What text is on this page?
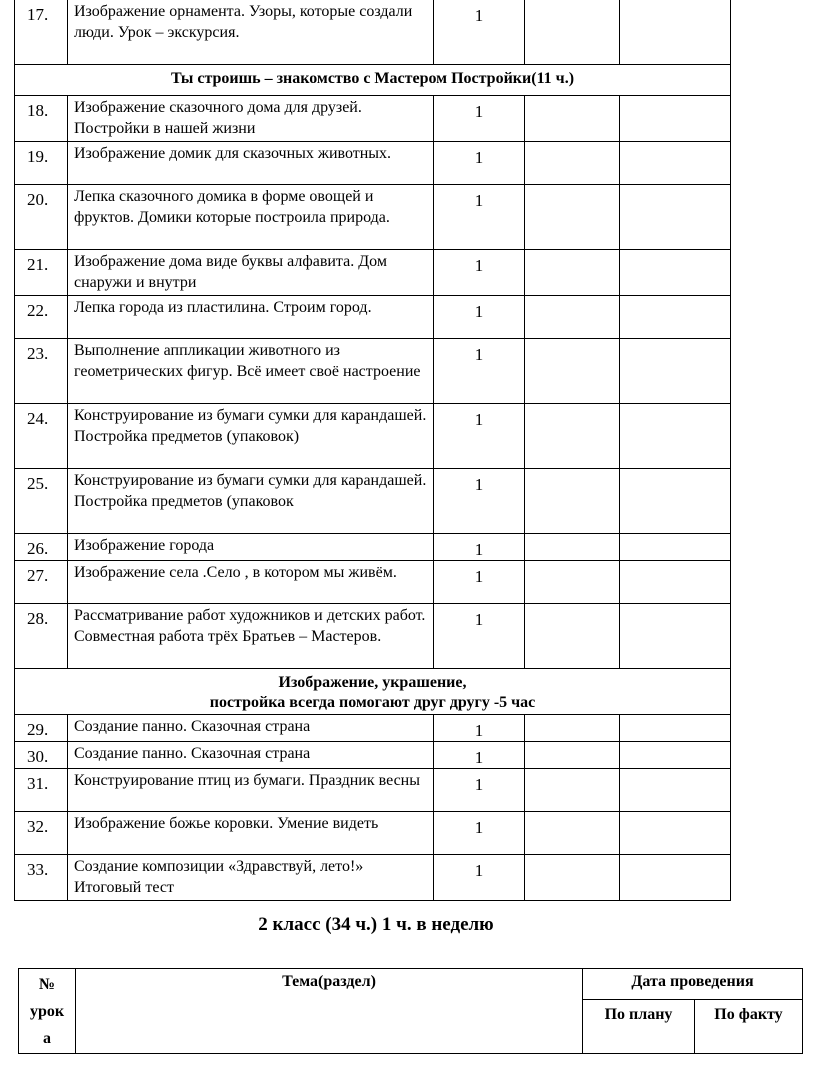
17.	Изображение орнамента. Узоры, которые создали люди. Урок – экскурсия.	1		

Ты строишь – знакомство с Мастером Постройки(11 ч.)				

18.	Изображение сказочного дома для друзей. Постройки в нашей жизни	1		
19.	Изображение домик для сказочных животных.	1		
20.	Лепка сказочного домика в форме овощей и фруктов. Домики которые построила природа.	1		
21.	Изображение дома виде буквы алфавита. Дом снаружи и внутри	1		
22.	Лепка города из пластилина. Строим город.	1		
23.	Выполнение аппликации животного из геометрических фигур. Всё имеет своё настроение	1		
24.	Конструирование из бумаги сумки для карандашей. Постройка предметов (упаковок)	1		
25.	Конструирование из бумаги сумки для карандашей. Постройка предметов (упаковок	1		
26.	Изображение города	1		
27.	Изображение села .Село , в котором мы живём.	1		
28.	Рассматривание работ художников и детских работ. Совместная работа трёх Братьев – Мастеров.	1		

Изображение, украшение,
постройка всегда помогают друг другу -5 час				

29.	Создание панно. Сказочная страна	1		
30.	Создание панно. Сказочная страна	1		
31.	Конструирование птиц из бумаги. Праздник весны	1		
32.	Изображение божье коровки. Умение видеть	1		
33.	Создание композиции «Здравствуй, лето!» Итоговый тест	1		
2 класс (34 ч.) 1 ч. в неделю
№
урок
а	Тема(раздел)	Дата проведения	
		По плану	По факту
